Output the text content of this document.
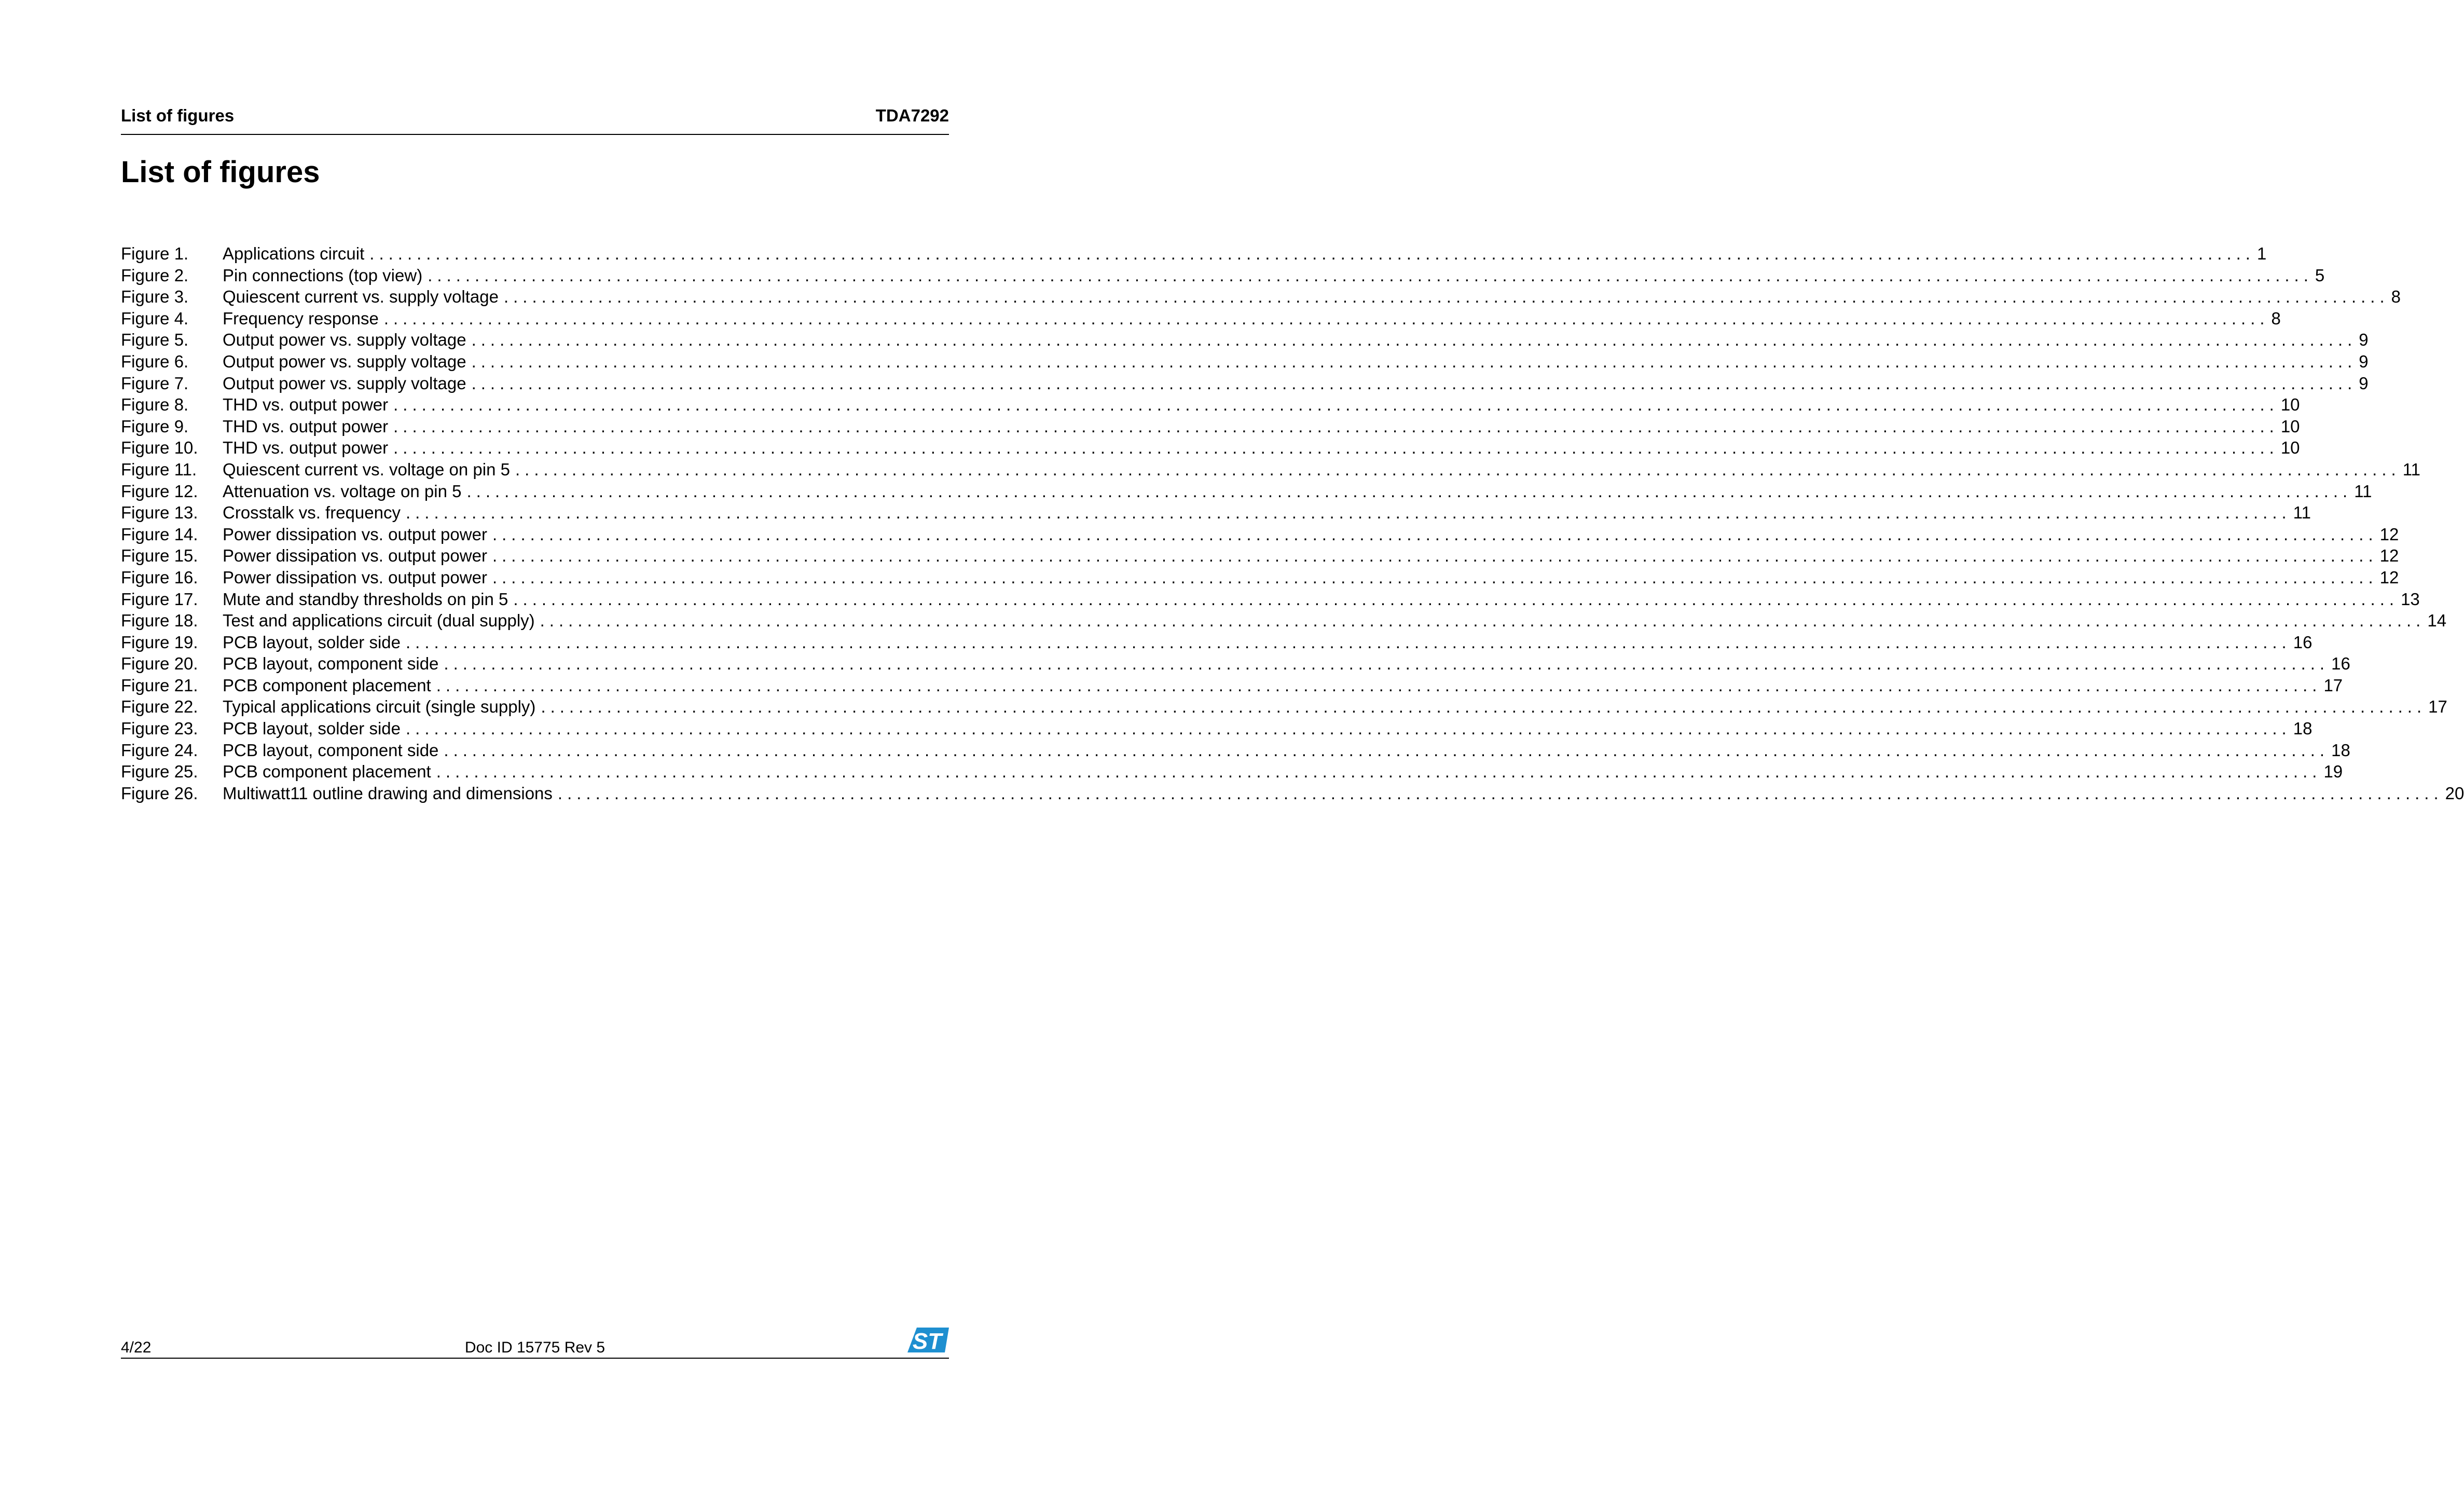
List of figures	TDA7292
List of figures
Figure 1.	Applications circuit ........................................................................................................................................................................................................ 1
Figure 2.	Pin connections (top view) ........................................................................................................................................................................................................ 5
Figure 3.	Quiescent current vs. supply voltage ........................................................................................................................................................................................................ 8
Figure 4.	Frequency response ........................................................................................................................................................................................................ 8
Figure 5.	Output power vs. supply voltage ........................................................................................................................................................................................................ 9
Figure 6.	Output power vs. supply voltage ........................................................................................................................................................................................................ 9
Figure 7.	Output power vs. supply voltage ........................................................................................................................................................................................................ 9
Figure 8.	THD vs. output power ........................................................................................................................................................................................................ 10
Figure 9.	THD vs. output power ........................................................................................................................................................................................................ 10
Figure 10.	THD vs. output power ........................................................................................................................................................................................................ 10
Figure 11.	Quiescent current vs. voltage on pin 5 ........................................................................................................................................................................................................ 11
Figure 12.	Attenuation vs. voltage on pin 5 ........................................................................................................................................................................................................ 11
Figure 13.	Crosstalk vs. frequency ........................................................................................................................................................................................................ 11
Figure 14.	Power dissipation vs. output power ........................................................................................................................................................................................................ 12
Figure 15.	Power dissipation vs. output power ........................................................................................................................................................................................................ 12
Figure 16.	Power dissipation vs. output power ........................................................................................................................................................................................................ 12
Figure 17.	Mute and standby thresholds on pin 5 ........................................................................................................................................................................................................ 13
Figure 18.	Test and applications circuit (dual supply) ........................................................................................................................................................................................................ 14
Figure 19.	PCB layout, solder side ........................................................................................................................................................................................................ 16
Figure 20.	PCB layout, component side ........................................................................................................................................................................................................ 16
Figure 21.	PCB component placement ........................................................................................................................................................................................................ 17
Figure 22.	Typical applications circuit (single supply) ........................................................................................................................................................................................................ 17
Figure 23.	PCB layout, solder side ........................................................................................................................................................................................................ 18
Figure 24.	PCB layout, component side ........................................................................................................................................................................................................ 18
Figure 25.	PCB component placement ........................................................................................................................................................................................................ 19
Figure 26.	Multiwatt11 outline drawing and dimensions ........................................................................................................................................................................................................ 20
4/22	Doc ID 15775 Rev 5	ST
